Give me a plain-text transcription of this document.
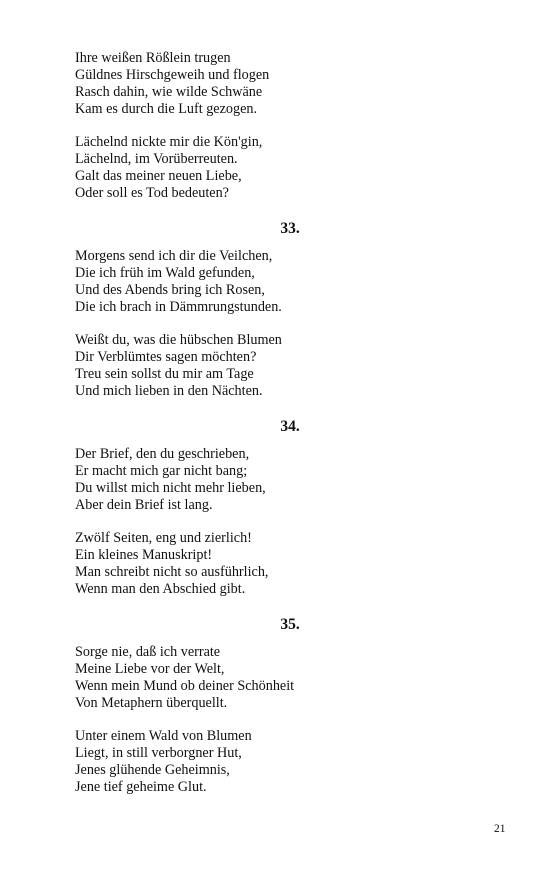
Ihre weißen Rößlein trugen
Güldnes Hirschgeweih und flogen
Rasch dahin, wie wilde Schwäne
Kam es durch die Luft gezogen.
Lächelnd nickte mir die Kön'gin,
Lächelnd, im Vorüberreuten.
Galt das meiner neuen Liebe,
Oder soll es Tod bedeuten?
33.
Morgens send ich dir die Veilchen,
Die ich früh im Wald gefunden,
Und des Abends bring ich Rosen,
Die ich brach in Dämmrungstunden.
Weißt du, was die hübschen Blumen
Dir Verblümtes sagen möchten?
Treu sein sollst du mir am Tage
Und mich lieben in den Nächten.
34.
Der Brief, den du geschrieben,
Er macht mich gar nicht bang;
Du willst mich nicht mehr lieben,
Aber dein Brief ist lang.
Zwölf Seiten, eng und zierlich!
Ein kleines Manuskript!
Man schreibt nicht so ausführlich,
Wenn man den Abschied gibt.
35.
Sorge nie, daß ich verrate
Meine Liebe vor der Welt,
Wenn mein Mund ob deiner Schönheit
Von Metaphern überquellt.
Unter einem Wald von Blumen
Liegt, in still verborgner Hut,
Jenes glühende Geheimnis,
Jene tief geheime Glut.
21
